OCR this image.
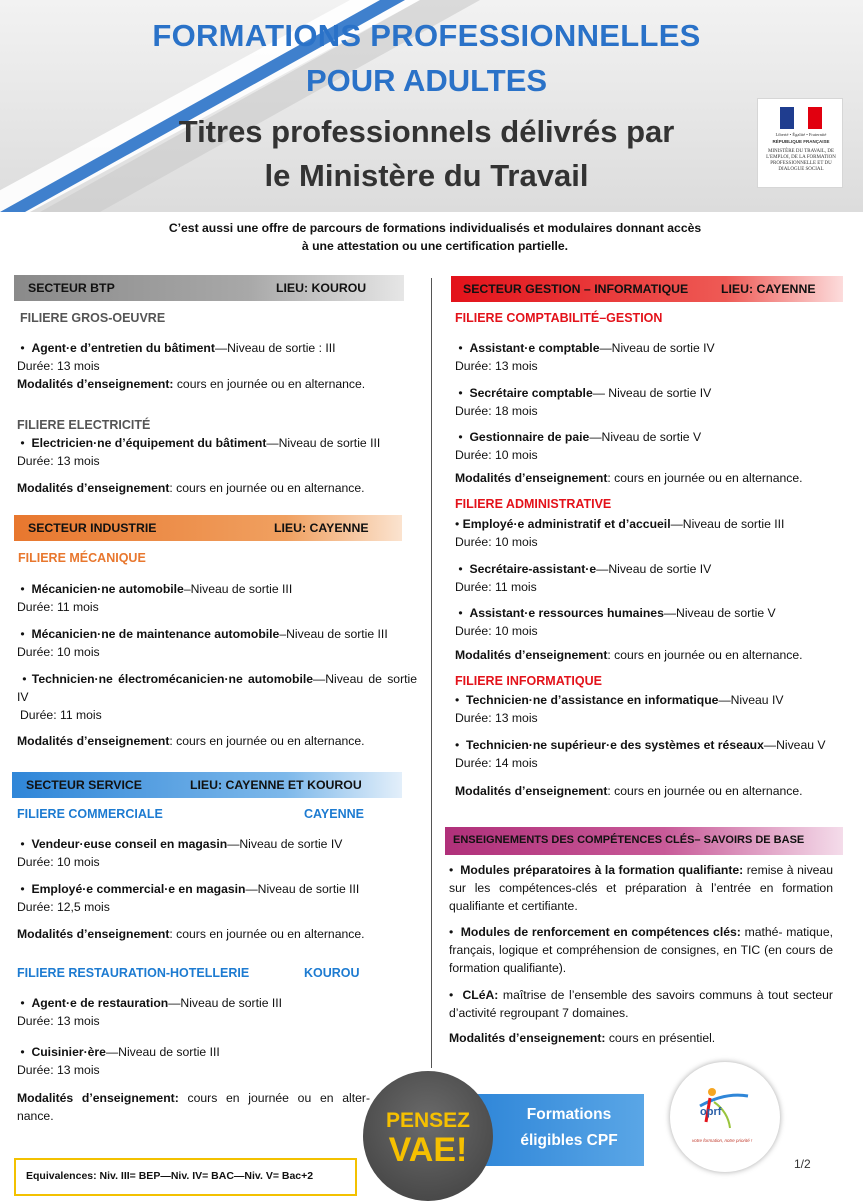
FORMATIONS PROFESSIONNELLES
POUR ADULTES
Titres professionnels délivrés par
le Ministère du Travail
Liberté • Égalité • Fraternité
RÉPUBLIQUE FRANÇAISE
MINISTÈRE DU TRAVAIL, DE L'EMPLOI, DE LA FORMATION PROFESSIONNELLE ET DU DIALOGUE SOCIAL
C’est aussi une offre de parcours de formations individualisés et modulaires donnant accès
à une attestation ou une certification partielle.
SECTEUR BTP	LIEU: KOUROU
FILIERE GROS-OEUVRE
•  Agent·e d’entretien du bâtiment—Niveau de sortie : III
Durée: 13 mois
Modalités d’enseignement: cours en journée ou en alternance.
FILIERE ELECTRICITÉ
•  Electricien·ne d’équipement du bâtiment—Niveau de sortie III
Durée: 13 mois
Modalités d’enseignement: cours en journée ou en alternance.
SECTEUR INDUSTRIE	LIEU: CAYENNE
FILIERE MÉCANIQUE
•  Mécanicien·ne automobile–Niveau de sortie III
Durée: 11 mois
•  Mécanicien·ne de maintenance automobile–Niveau de sortie III
Durée: 10 mois
• Technicien·ne électromécanicien·ne automobile—Niveau de sortie IV
Durée: 11 mois
Modalités d’enseignement: cours en journée ou en alternance.
SECTEUR SERVICE	LIEU: CAYENNE ET KOUROU
FILIERE COMMERCIALE	CAYENNE
•  Vendeur·euse conseil en magasin—Niveau de sortie IV
Durée: 10 mois
•  Employé·e commercial·e en magasin—Niveau de sortie III
Durée: 12,5 mois
Modalités d’enseignement: cours en journée ou en alternance.
FILIERE RESTAURATION-HOTELLERIE	KOUROU
•  Agent·e de restauration—Niveau de sortie III
Durée: 13 mois
•  Cuisinier·ère—Niveau de sortie III
Durée: 13 mois
Modalités d’enseignement: cours en journée ou en alter- nance.
SECTEUR GESTION – INFORMATIQUE	LIEU: CAYENNE
FILIERE COMPTABILITÉ–GESTION
•  Assistant·e comptable—Niveau de sortie IV
Durée: 13 mois
•  Secrétaire comptable— Niveau de sortie IV
Durée: 18 mois
•  Gestionnaire de paie—Niveau de sortie V
Durée: 10 mois
Modalités d’enseignement: cours en journée ou en alternance.
FILIERE ADMINISTRATIVE
• Employé·e administratif et d’accueil—Niveau de sortie III
Durée: 10 mois
•  Secrétaire-assistant·e—Niveau de sortie IV
Durée: 11 mois
•  Assistant·e ressources humaines—Niveau de sortie V
Durée: 10 mois
Modalités d’enseignement: cours en journée ou en alternance.
FILIERE INFORMATIQUE
•  Technicien·ne d’assistance en informatique—Niveau IV
Durée: 13 mois
•  Technicien·ne supérieur·e des systèmes et réseaux—Niveau V
Durée: 14 mois
Modalités d’enseignement: cours en journée ou en alternance.
ENSEIGNEMENTS DES COMPÉTENCES CLÉS– SAVOIRS DE BASE
•  Modules préparatoires à la formation qualifiante: remise à niveau sur les compétences-clés et préparation à l’entrée en formation qualifiante et certifiante.
•  Modules de renforcement en compétences clés: mathé- matique, français, logique et compréhension de consignes, en TIC (en cours de formation qualifiante).
•  CLéA: maîtrise de l’ensemble des savoirs communs à tout secteur d’activité regroupant 7 domaines.
Modalités d’enseignement: cours en présentiel.
Equivalences: Niv. III= BEP—Niv. IV= BAC—Niv. V= Bac+2
Formations
éligibles CPF
PENSEZ
VAE!
oprf
votre formation, notre priorité !
1/2
